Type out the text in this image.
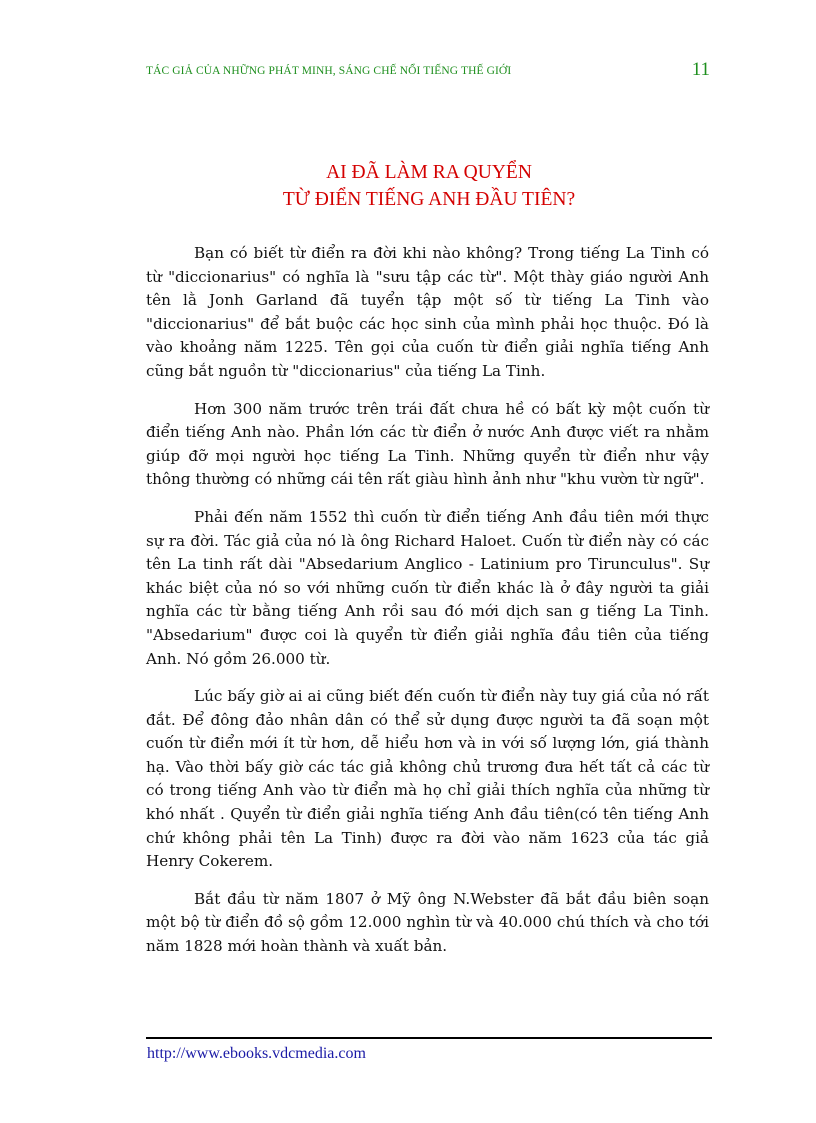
TÁC GIẢ CỦA NHỮNG PHÁT MINH, SÁNG CHẾ NỔI TIẾNG THẾ GIỚI	11
AI ĐÃ LÀM RA QUYỂN
TỪ ĐIỂN TIẾNG ANH ĐẦU TIÊN?

Bạn có biết từ điển ra đời khi nào không? Trong tiếng La Tinh có từ "diccionarius" có nghĩa là "sưu tập các từ". Một thày giáo người Anh tên lằ Jonh Garland đã tuyển tập một số từ tiếng La Tinh vào "diccionarius" để bắt buộc các học sinh của mình phải học thuộc. Đó là vào khoảng năm 1225. Tên gọi của cuốn từ điển giải nghĩa tiếng Anh cũng bắt nguồn từ "diccionarius" của tiếng La Tinh.

Hơn 300 năm trước trên trái đất chưa hề có bất kỳ một cuốn từ điển tiếng Anh nào. Phần lớn các từ điển ở nước Anh được viết ra nhằm giúp đỡ mọi người học tiếng La Tinh. Những quyển từ điển như vậy thông thường có những cái tên rất giàu hình ảnh như "khu vườn từ ngữ".

Phải đến năm 1552 thì cuốn từ điển tiếng Anh đầu tiên mới thực sự ra đời. Tác giả của nó là ông Richard Haloet. Cuốn từ điển này có các tên La tinh rất dài "Absedarium Anglico - Latinium pro Tirunculus". Sự khác biệt của nó so với những cuốn từ điển khác là ở đây người ta giải nghĩa các từ bằng tiếng Anh rồi sau đó mới dịch san g tiếng La Tinh. "Absedarium" được coi là quyển từ điển giải nghĩa đầu tiên của tiếng Anh. Nó gồm 26.000 từ.

Lúc bấy giờ ai ai cũng biết đến cuốn từ điển này tuy giá của nó rất đắt. Để đông đảo nhân dân có thể sử dụng được người ta đã soạn một cuốn từ điển mới ít từ hơn, dễ hiểu hơn và in với số lượng lớn, giá thành hạ. Vào thời bấy giờ các tác giả không chủ trương đưa hết tất cả các từ có trong tiếng Anh vào từ điển mà họ chỉ giải thích nghĩa của những từ khó nhất . Quyển từ điển giải nghĩa tiếng Anh đầu tiên(có tên tiếng Anh chứ không phải tên La Tinh) được ra đời vào năm 1623 của tác giả Henry Cokerem.

Bắt đầu từ năm 1807 ở Mỹ ông N.Webster đã bắt đầu biên soạn một bộ từ điển đồ sộ gồm 12.000 nghìn từ và 40.000 chú thích và cho tới năm 1828 mới hoàn thành và xuất bản.

http://www.ebooks.vdcmedia.com
